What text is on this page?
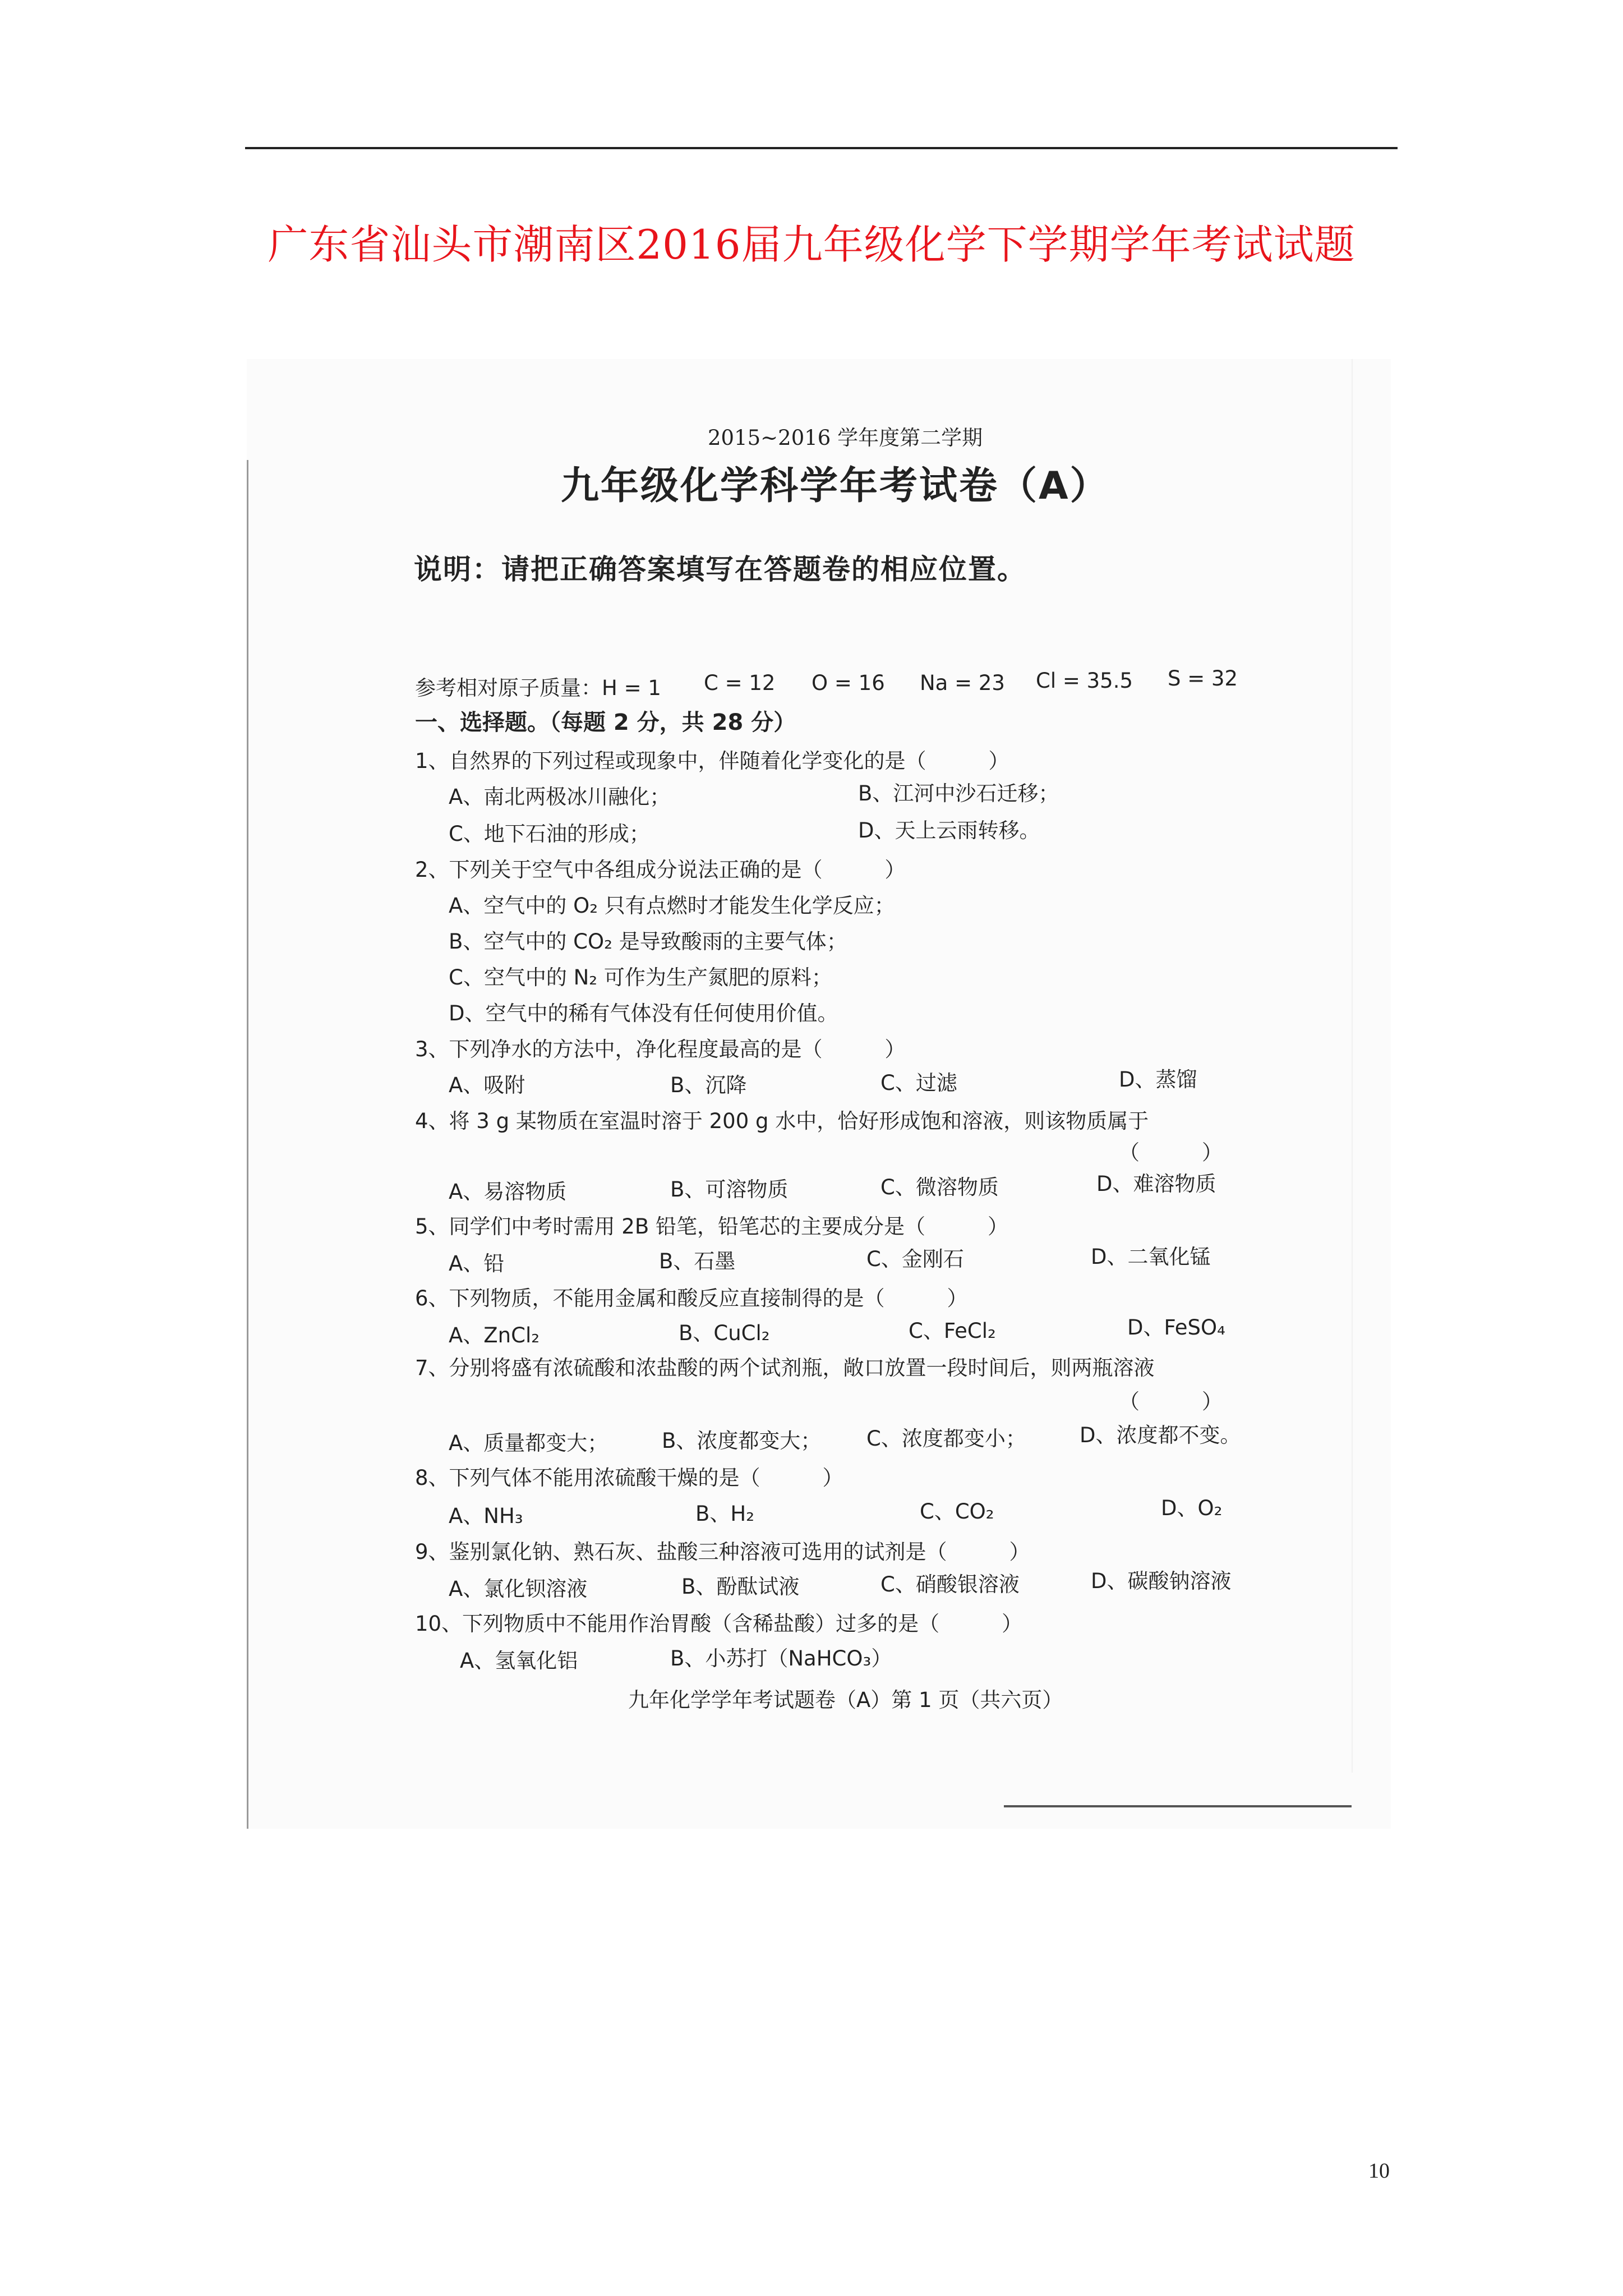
广东省汕头市潮南区2016届九年级化学下学期学年考试试题
2015~2016 学年度第二学期
九年级化学科学年考试卷（A）
说明：请把正确答案填写在答题卷的相应位置。
参考相对原子质量：H = 1 C = 12 O = 16 Na = 23 Cl = 35.5 S = 32
一、选择题。（每题 2 分，共 28 分）
1、自然界的下列过程或现象中，伴随着化学变化的是（　　　）
A、南北两极冰川融化；	B、江河中沙石迁移；
C、地下石油的形成；	D、天上云雨转移。
2、下列关于空气中各组成分说法正确的是（　　　）
A、空气中的 O₂ 只有点燃时才能发生化学反应；
B、空气中的 CO₂ 是导致酸雨的主要气体；
C、空气中的 N₂ 可作为生产氮肥的原料；
D、空气中的稀有气体没有任何使用价值。
3、下列净水的方法中，净化程度最高的是（　　　）
A、吸附	B、沉降	C、过滤	D、蒸馏
4、将 3 g 某物质在室温时溶于 200 g 水中，恰好形成饱和溶液，则该物质属于
（　　　）
A、易溶物质	B、可溶物质	C、微溶物质	D、难溶物质
5、同学们中考时需用 2B 铅笔，铅笔芯的主要成分是（　　　）
A、铅	B、石墨	C、金刚石	D、二氧化锰
6、下列物质，不能用金属和酸反应直接制得的是（　　　）
A、ZnCl₂	B、CuCl₂	C、FeCl₂	D、FeSO₄
7、分别将盛有浓硫酸和浓盐酸的两个试剂瓶，敞口放置一段时间后，则两瓶溶液
（　　　）
A、质量都变大；	B、浓度都变大； C、浓度都变小；	D、浓度都不变。
8、下列气体不能用浓硫酸干燥的是（　　　）
A、NH₃	B、H₂	C、CO₂	D、O₂
9、鉴别氯化钠、熟石灰、盐酸三种溶液可选用的试剂是（　　　）
A、氯化钡溶液	B、酚酞试液	C、硝酸银溶液	D、碳酸钠溶液
10、下列物质中不能用作治胃酸（含稀盐酸）过多的是（　　　）
A、氢氧化铝	B、小苏打（NaHCO₃）
九年化学学年考试题卷（A）第 1 页（共六页）
10
